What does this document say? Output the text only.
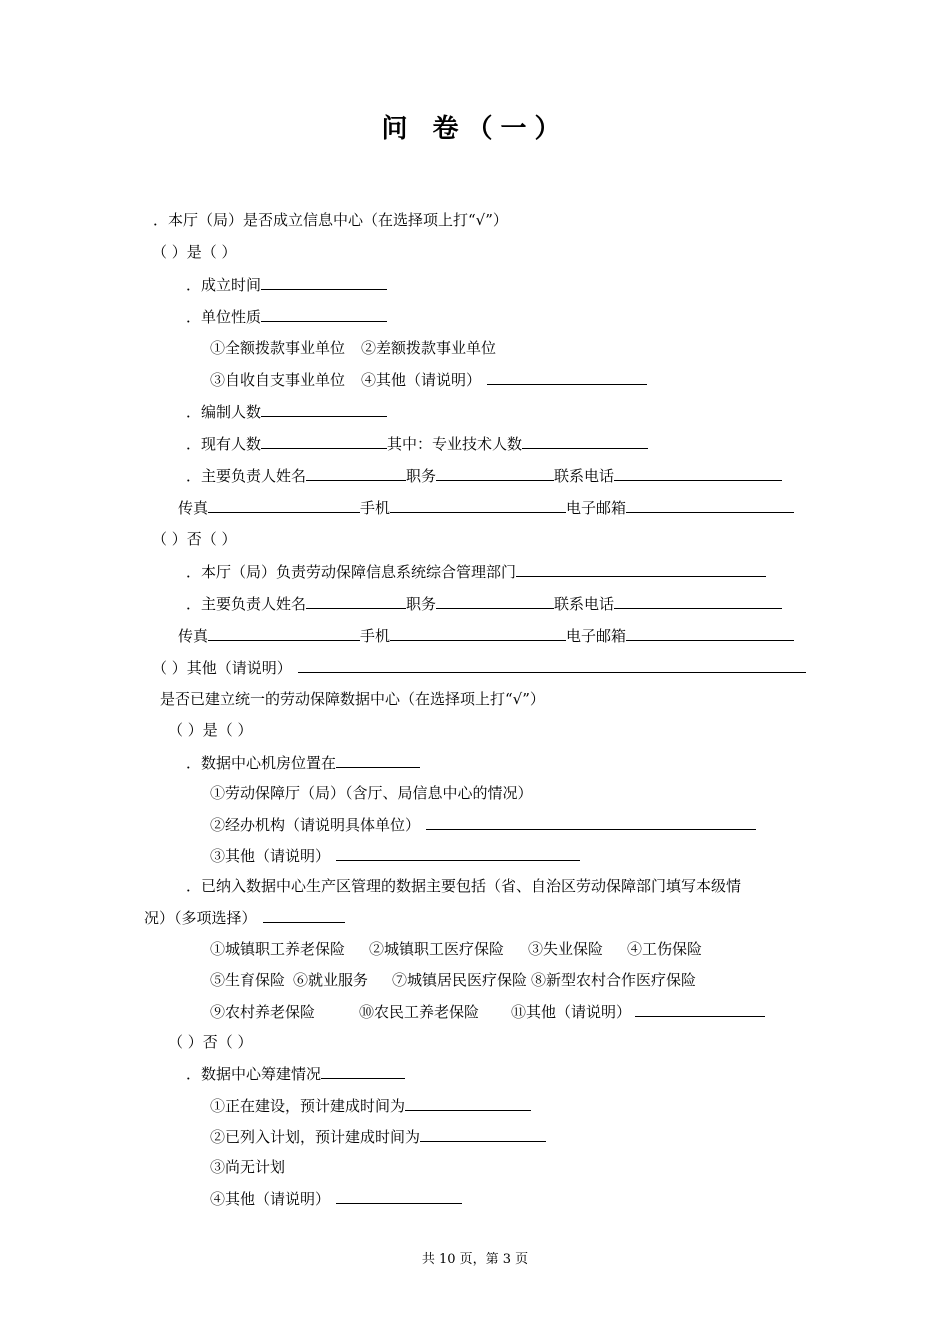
问 卷（一）
．本厅（局）是否成立信息中心（在选择项上打“√”）
（ ）是（ ）
．成立时间
．单位性质
①全额拨款事业单位 ②差额拨款事业单位
③自收自支事业单位 ④其他（请说明）
．编制人数
．现有人数	其中：专业技术人数
．主要负责人姓名	职务	联系电话
传真	手机	电子邮箱
（ ）否（ ）
．本厅（局）负责劳动保障信息系统综合管理部门
．主要负责人姓名	职务	联系电话
传真	手机	电子邮箱
（ ）其他（请说明）
是否已建立统一的劳动保障数据中心（在选择项上打“√”）
（ ）是（ ）
．数据中心机房位置在
①劳动保障厅（局）（含厅、局信息中心的情况）
②经办机构（请说明具体单位）
③其他（请说明）
．已纳入数据中心生产区管理的数据主要包括（省、自治区劳动保障部门填写本级情
况）（多项选择）
①城镇职工养老保险 ②城镇职工医疗保险 ③失业保险 ④工伤保险
⑤生育保险 ⑥就业服务 ⑦城镇居民医疗保险 ⑧新型农村合作医疗保险
⑨农村养老保险	⑩农民工养老保险 ⑪其他（请说明）
（ ）否（ ）
．数据中心筹建情况
①正在建设，预计建成时间为
②已列入计划，预计建成时间为
③尚无计划
④其他（请说明）
共 10 页，第 3 页
